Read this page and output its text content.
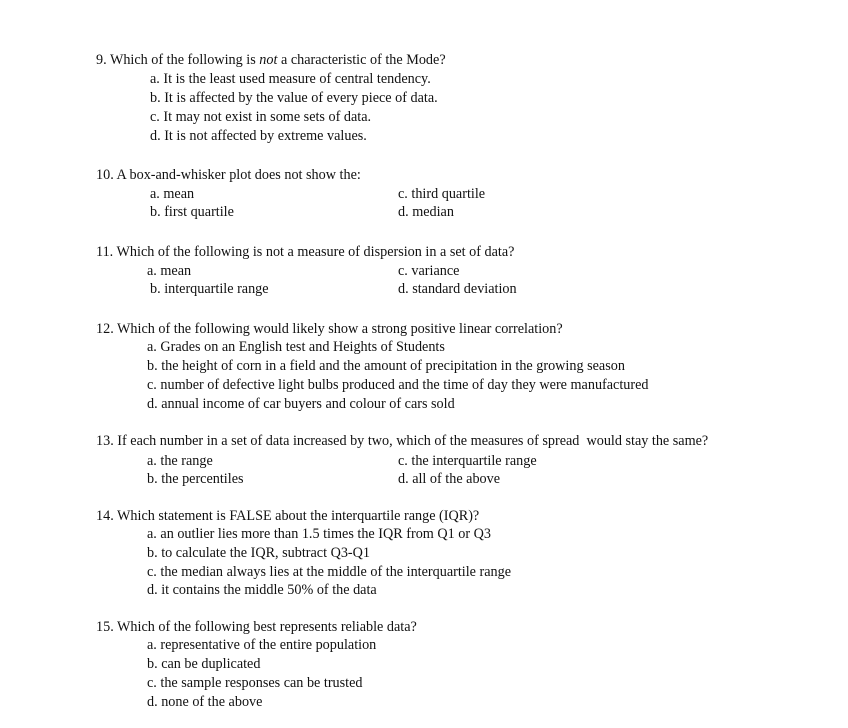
9. Which of the following is not a characteristic of the Mode?
a. It is the least used measure of central tendency.
b. It is affected by the value of every piece of data.
c. It may not exist in some sets of data.
d. It is not affected by extreme values.
10. A box-and-whisker plot does not show the:
a. mean	c. third quartile
b. first quartile	d. median
11. Which of the following is not a measure of dispersion in a set of data?
a. mean	c. variance
b. interquartile range	d. standard deviation
12. Which of the following would likely show a strong positive linear correlation?
a. Grades on an English test and Heights of Students
b. the height of corn in a field and the amount of precipitation in the growing season
c. number of defective light bulbs produced and the time of day they were manufactured
d. annual income of car buyers and colour of cars sold
13. If each number in a set of data increased by two, which of the measures of spread  would stay the same?
a. the range	c. the interquartile range
b. the percentiles	d. all of the above
14. Which statement is FALSE about the interquartile range (IQR)?
a. an outlier lies more than 1.5 times the IQR from Q1 or Q3
b. to calculate the IQR, subtract Q3-Q1
c. the median always lies at the middle of the interquartile range
d. it contains the middle 50% of the data
15. Which of the following best represents reliable data?
a. representative of the entire population
b. can be duplicated
c. the sample responses can be trusted
d. none of the above
